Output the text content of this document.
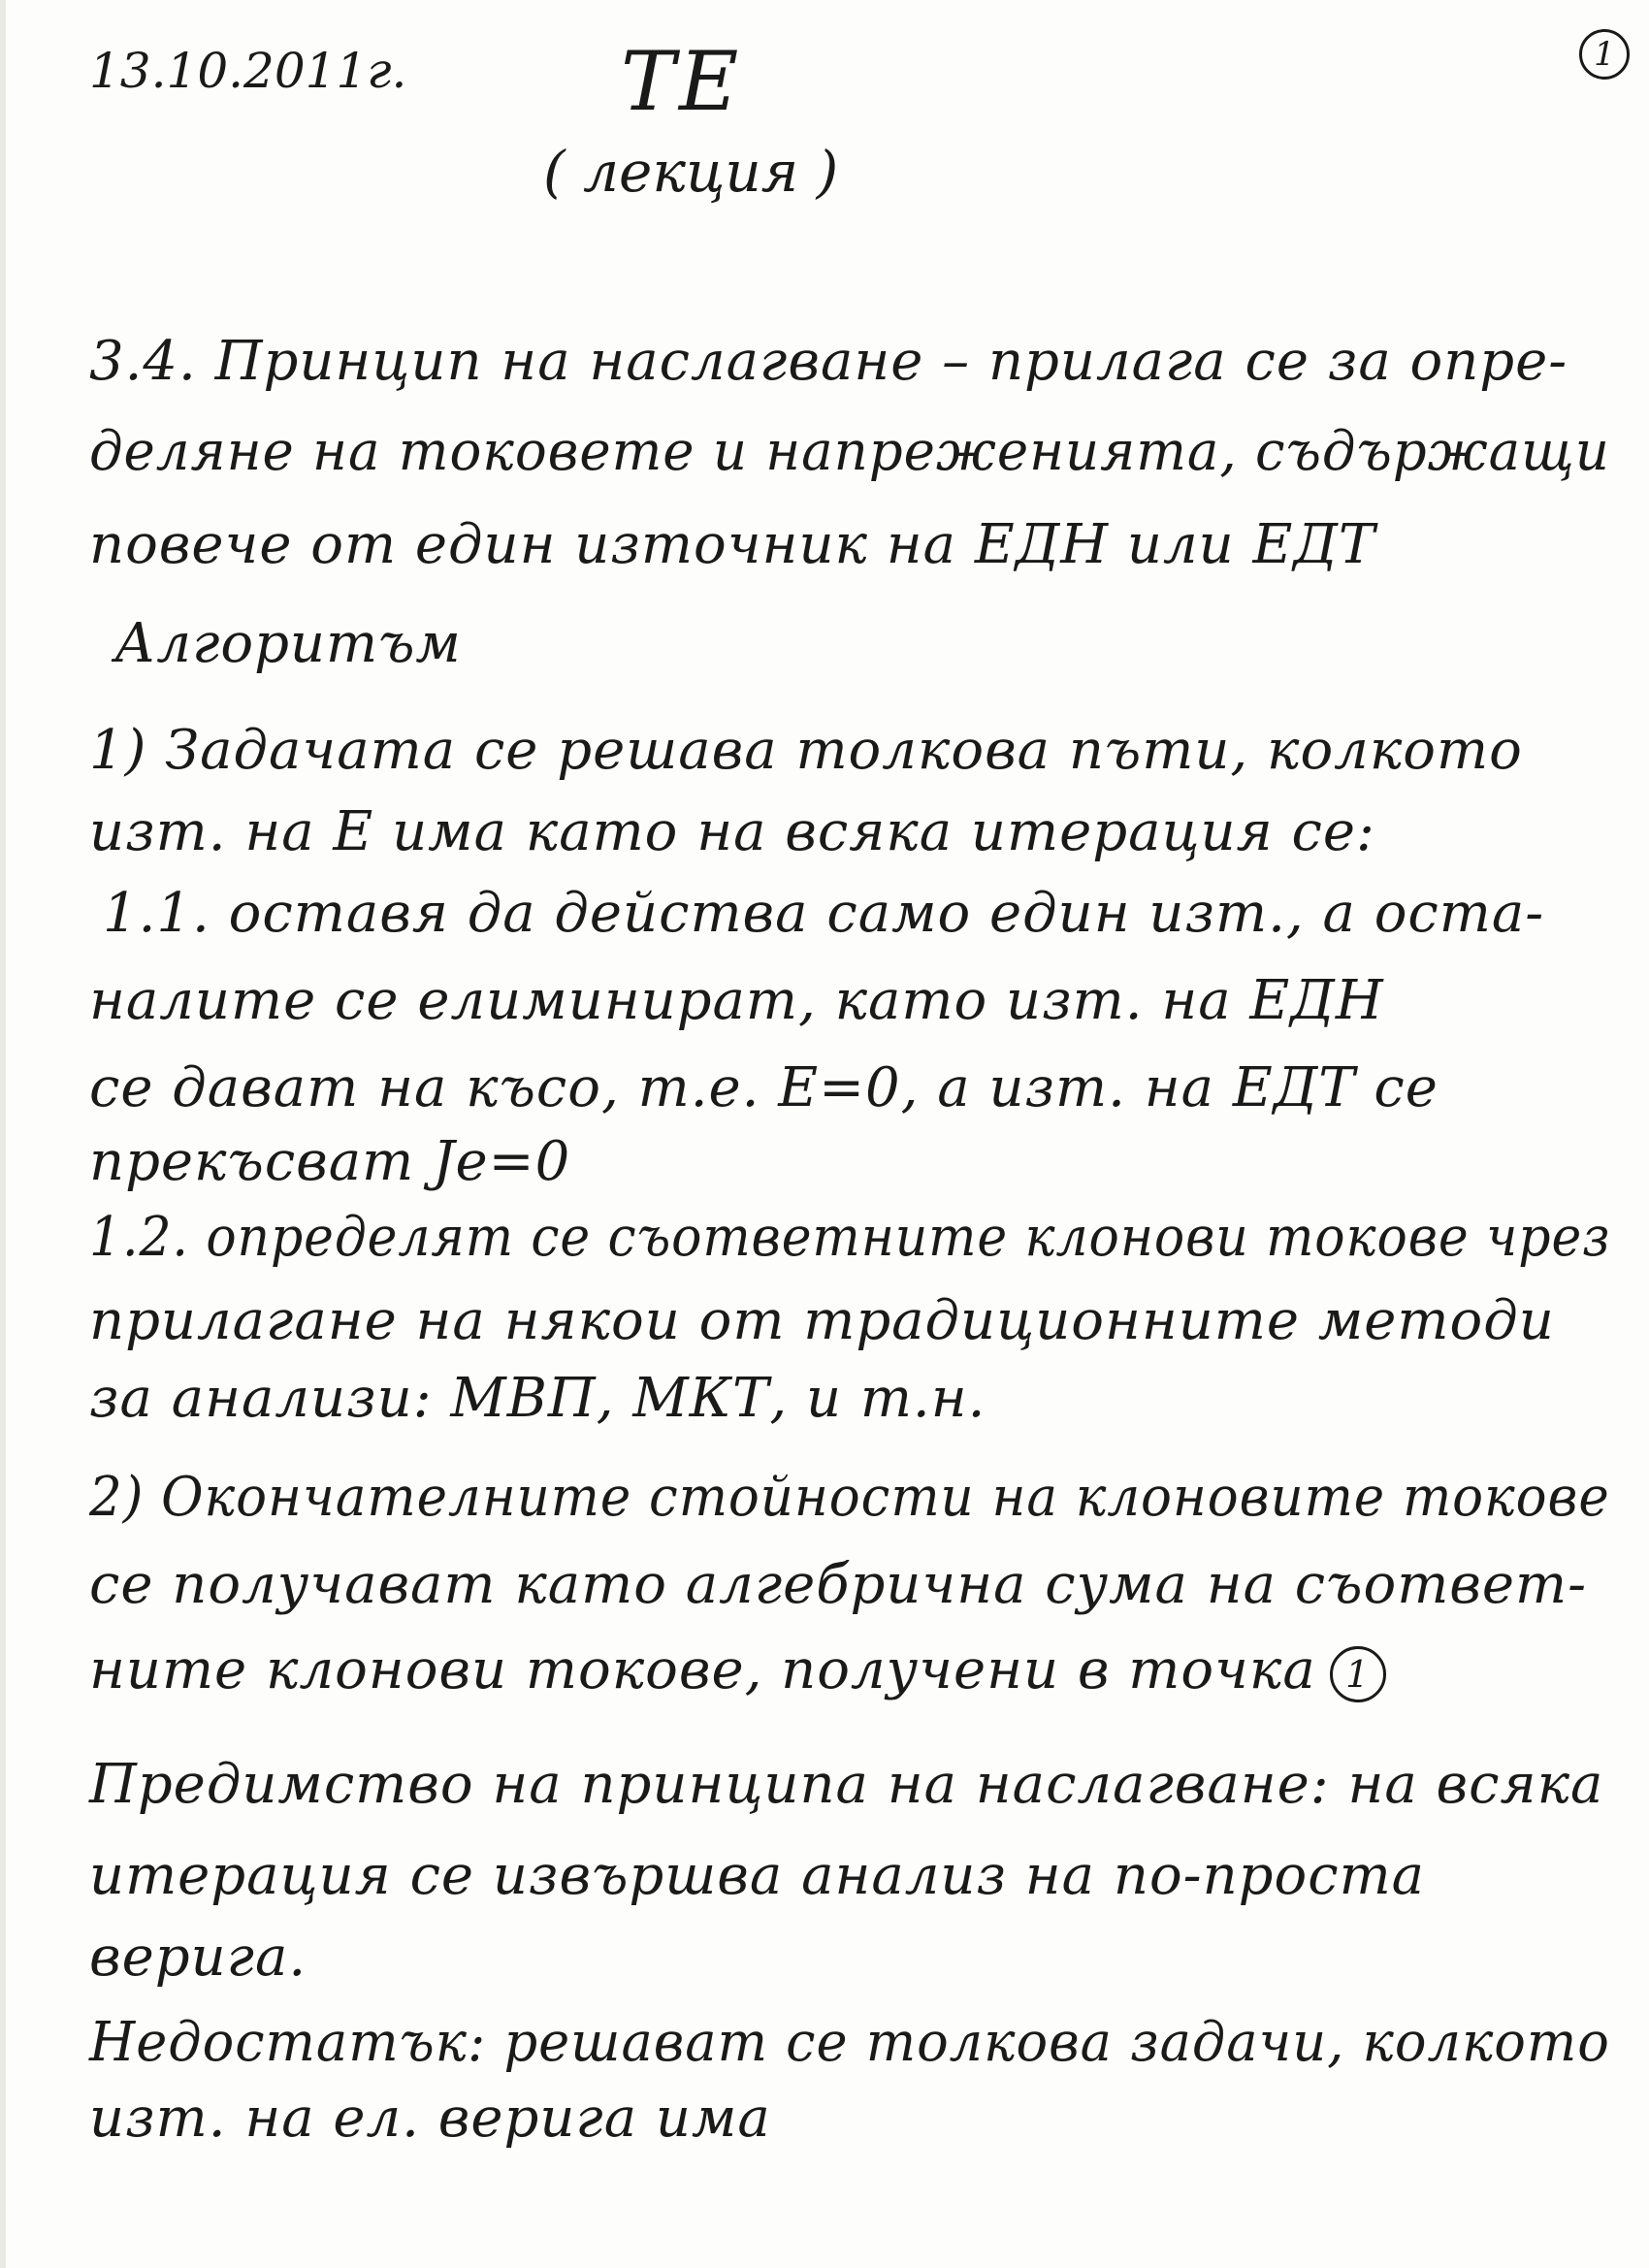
13.10.2011г.	ТЕ
( лекция )
1
3.4. Принцип на наслагване – прилага се за опре-
деляне на токовете и напреженията, съдържащи
повече от един източник на ЕДН или ЕДТ
Алгоритъм
1) Задачата се решава толкова пъти, колкото
изт. на Е има като на всяка итерация се:
1.1. оставя да действа само един изт., а оста-
налите се елиминират, като изт. на ЕДН
се дават на късо, т.е. Е=0, а изт. на ЕДТ се
прекъсват Je=0
1.2. определят се съответните клонови токове чрез
прилагане на някои от традиционните методи
за анализи: МВП, МКТ, и т.н.
2) Окончателните стойности на клоновите токове
се получават като алгебрична сума на съответ-
ните клонови токове, получени в точка 1
Предимство на принципа на наслагване: на всяка
итерация се извършва анализ на по-проста
верига.
Недостатък: решават се толкова задачи, колкото
изт. на ел. верига има
